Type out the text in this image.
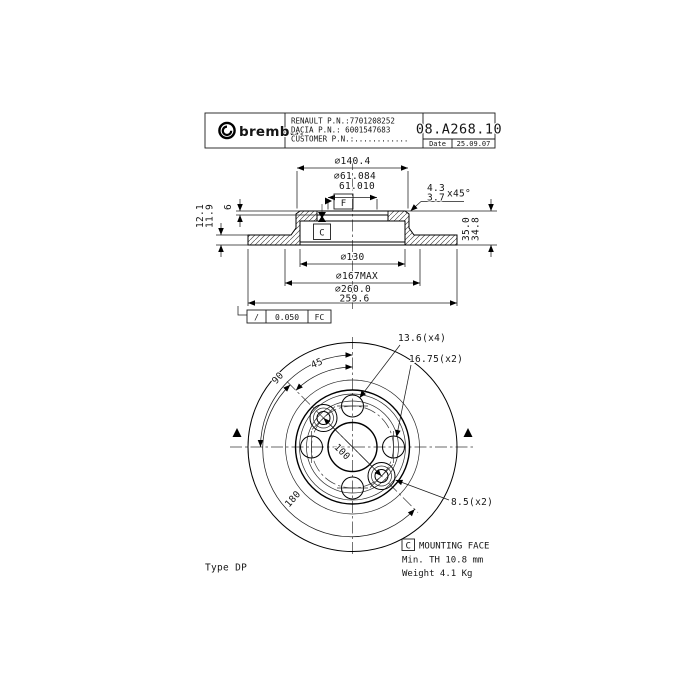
brembo.
RENAULT P.N.:7701208252
DACIA P.N.: 6001547683
CUSTOMER P.N.:............
08.A268.10
Date 25.09.07
⌀140.4
⌀61.084
61.010
F
C
4.3
3.7 x45°
6
12.1
11.9
35.0
34.8
⌀130
⌀167MAX
⌀260.0
259.6
/ 0.050 FC
100
45
90
180
13.6(x4)
16.75(x2)
8.5(x2)
C MOUNTING FACE
Min. TH 10.8 mm
Weight 4.1 Kg
Type DP
